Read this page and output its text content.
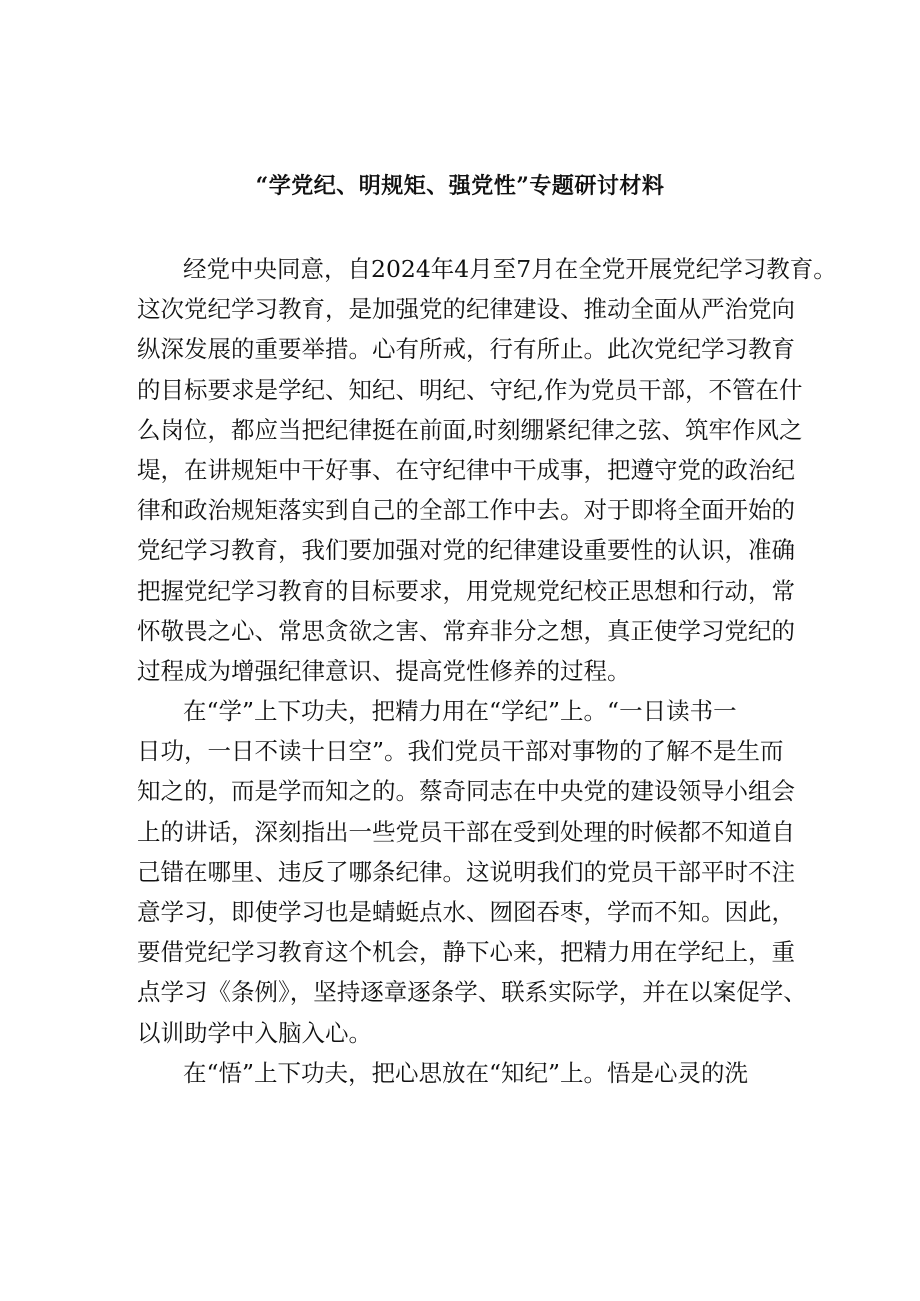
“学党纪、明规矩、强党性”专题研讨材料
经党中央同意，自2024年4月至7月在全党开展党纪学习教育。
这次党纪学习教育，是加强党的纪律建设、推动全面从严治党向
纵深发展的重要举措。心有所戒，行有所止。此次党纪学习教育
的目标要求是学纪、知纪、明纪、守纪,作为党员干部，不管在什
么岗位，都应当把纪律挺在前面,时刻绷紧纪律之弦、筑牢作风之
堤，在讲规矩中干好事、在守纪律中干成事，把遵守党的政治纪
律和政治规矩落实到自己的全部工作中去。对于即将全面开始的
党纪学习教育，我们要加强对党的纪律建设重要性的认识，准确
把握党纪学习教育的目标要求，用党规党纪校正思想和行动，常
怀敬畏之心、常思贪欲之害、常弃非分之想，真正使学习党纪的
过程成为增强纪律意识、提高党性修养的过程。
在“学”上下功夫，把精力用在“学纪”上。“一日读书一
日功，一日不读十日空”。我们党员干部对事物的了解不是生而
知之的，而是学而知之的。蔡奇同志在中央党的建设领导小组会
上的讲话，深刻指出一些党员干部在受到处理的时候都不知道自
己错在哪里、违反了哪条纪律。这说明我们的党员干部平时不注
意学习，即使学习也是蜻蜓点水、囫囵吞枣，学而不知。因此，
要借党纪学习教育这个机会，静下心来，把精力用在学纪上，重
点学习《条例》，坚持逐章逐条学、联系实际学，并在以案促学、
以训助学中入脑入心。
在“悟”上下功夫，把心思放在“知纪”上。悟是心灵的洗
